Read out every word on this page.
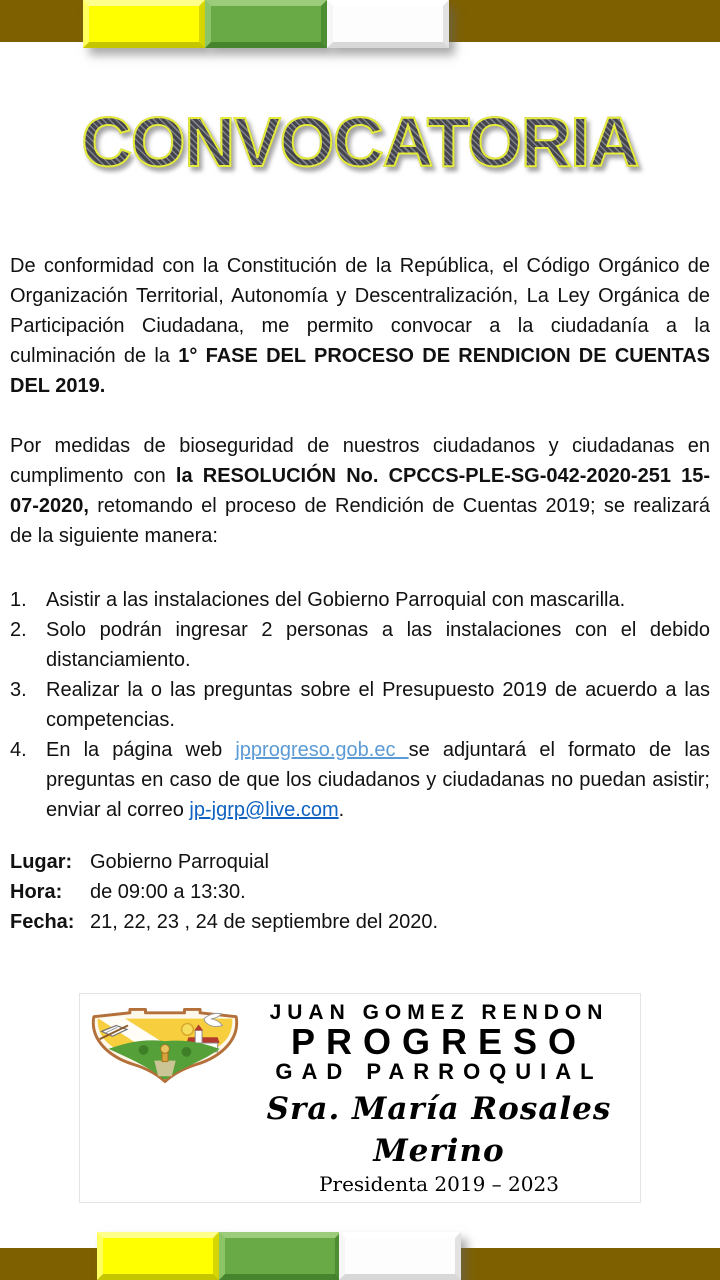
CONVOCATORIA

De conformidad con la Constitución de la República, el Código Orgánico de Organización Territorial, Autonomía y Descentralización, La Ley Orgánica de Participación Ciudadana, me permito convocar a la ciudadanía a la culminación de la 1° FASE DEL PROCESO DE RENDICION DE CUENTAS DEL 2019.

Por medidas de bioseguridad de nuestros ciudadanos y ciudadanas en cumplimento con la RESOLUCIÓN No. CPCCS-PLE-SG-042-2020-251 15-07-2020, retomando el proceso de Rendición de Cuentas 2019; se realizará de la siguiente manera:

1. Asistir a las instalaciones del Gobierno Parroquial con mascarilla.
2. Solo podrán ingresar 2 personas a las instalaciones con el debido distanciamiento.
3. Realizar la o las preguntas sobre el Presupuesto 2019 de acuerdo a las competencias.
4. En la página web jpprogreso.gob.ec se adjuntará el formato de las preguntas en caso de que los ciudadanos y ciudadanas no puedan asistir; enviar al correo jp-jgrp@live.com.
Lugar: Gobierno Parroquial
Hora:	de 09:00 a 13:30.
Fecha: 21, 22, 23 , 24 de septiembre del 2020.
JUAN GOMEZ RENDON
PROGRESO
GAD PARROQUIAL
Sra. María Rosales Merino
Presidenta 2019 – 2023
